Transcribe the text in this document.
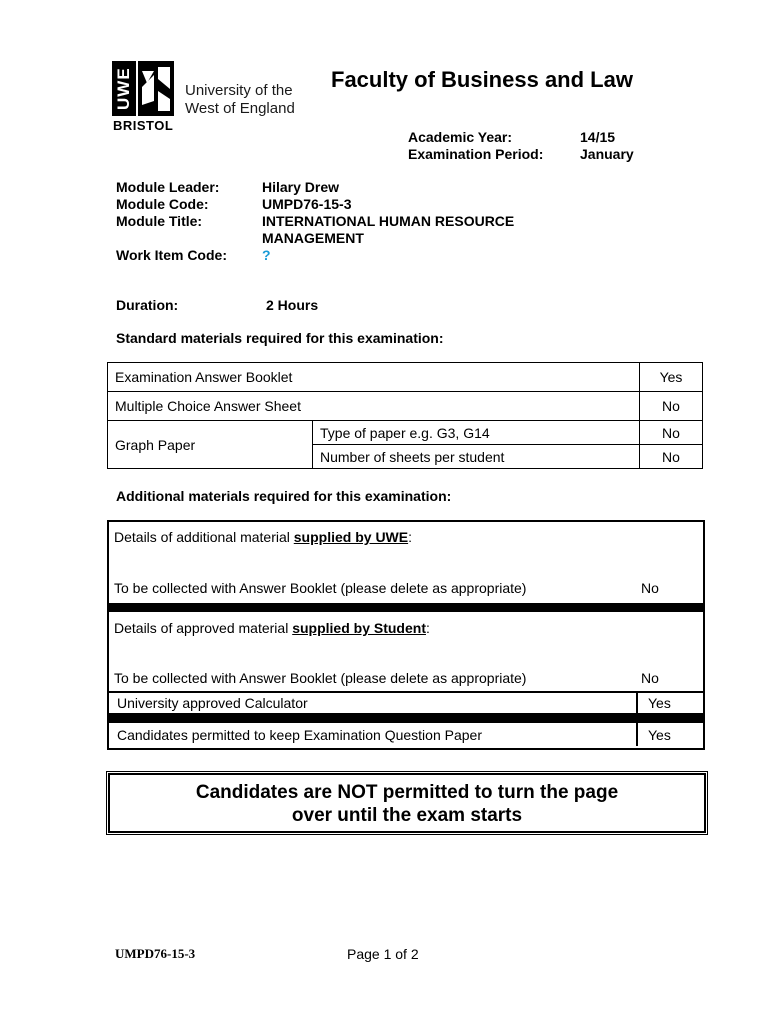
UWE
BRISTOL
University of the
West of England
Faculty of Business and Law
Academic Year:	14/15
Examination Period:	January
Module Leader:	Hilary Drew
Module Code:	UMPD76-15-3
Module Title:	INTERNATIONAL HUMAN RESOURCE
MANAGEMENT
Work Item Code:	?
Duration:	2 Hours
Standard materials required for this examination:
Examination Answer Booklet		Yes
Multiple Choice Answer Sheet		No
Graph Paper	Type of paper e.g. G3, G14	No
	Number of sheets per student	No
Additional materials required for this examination:
Details of additional material supplied by UWE:
To be collected with Answer Booklet (please delete as appropriate)	No
Details of approved material supplied by Student:
To be collected with Answer Booklet (please delete as appropriate)	No
University approved Calculator	Yes
Candidates permitted to keep Examination Question Paper	Yes
Candidates are NOT permitted to turn the page
over until the exam starts
UMPD76-15-3	Page 1 of 2
